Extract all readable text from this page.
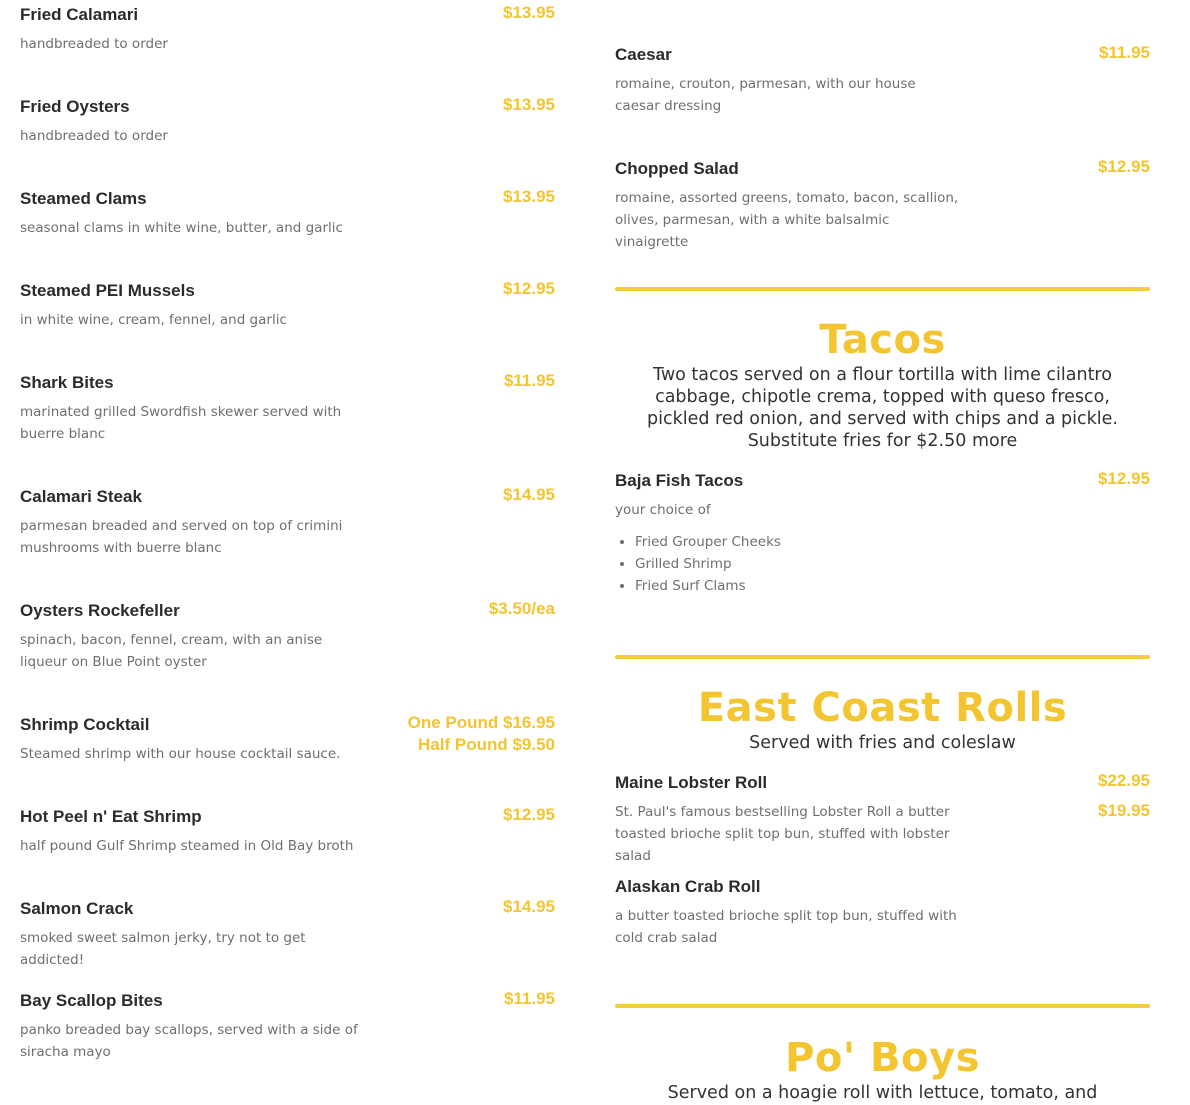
Fried Calamari	$13.95
handbreaded to order
Fried Oysters	$13.95
handbreaded to order
Steamed Clams	$13.95
seasonal clams in white wine, butter, and garlic
Steamed PEI Mussels	$12.95
in white wine, cream, fennel, and garlic
Shark Bites	$11.95
marinated grilled Swordfish skewer served with buerre blanc
Calamari Steak	$14.95
parmesan breaded and served on top of crimini mushrooms with buerre blanc
Oysters Rockefeller	$3.50/ea
spinach, bacon, fennel, cream, with an anise liqueur on Blue Point oyster
Shrimp Cocktail	One Pound $16.95
Half Pound $9.50
Steamed shrimp with our house cocktail sauce.
Hot Peel n' Eat Shrimp	$12.95
half pound Gulf Shrimp steamed in Old Bay broth
Salmon Crack	$14.95
smoked sweet salmon jerky, try not to get addicted!
Bay Scallop Bites	$11.95
panko breaded bay scallops, served with a side of siracha mayo
Caesar	$11.95
romaine, crouton, parmesan, with our house caesar dressing
Chopped Salad	$12.95
romaine, assorted greens, tomato, bacon, scallion, olives, parmesan, with a white balsalmic vinaigrette
Tacos
Two tacos served on a flour tortilla with lime cilantro cabbage, chipotle crema, topped with queso fresco, pickled red onion, and served with chips and a pickle. Substitute fries for $2.50 more
Baja Fish Tacos	$12.95
your choice of
• Fried Grouper Cheeks
• Grilled Shrimp
• Fried Surf Clams
East Coast Rolls
Served with fries and coleslaw
Maine Lobster Roll	$22.95
$19.95
St. Paul's famous bestselling Lobster Roll a butter toasted brioche split top bun, stuffed with lobster salad
Alaskan Crab Roll
a butter toasted brioche split top bun, stuffed with cold crab salad
Po' Boys
Served on a hoagie roll with lettuce, tomato, and
